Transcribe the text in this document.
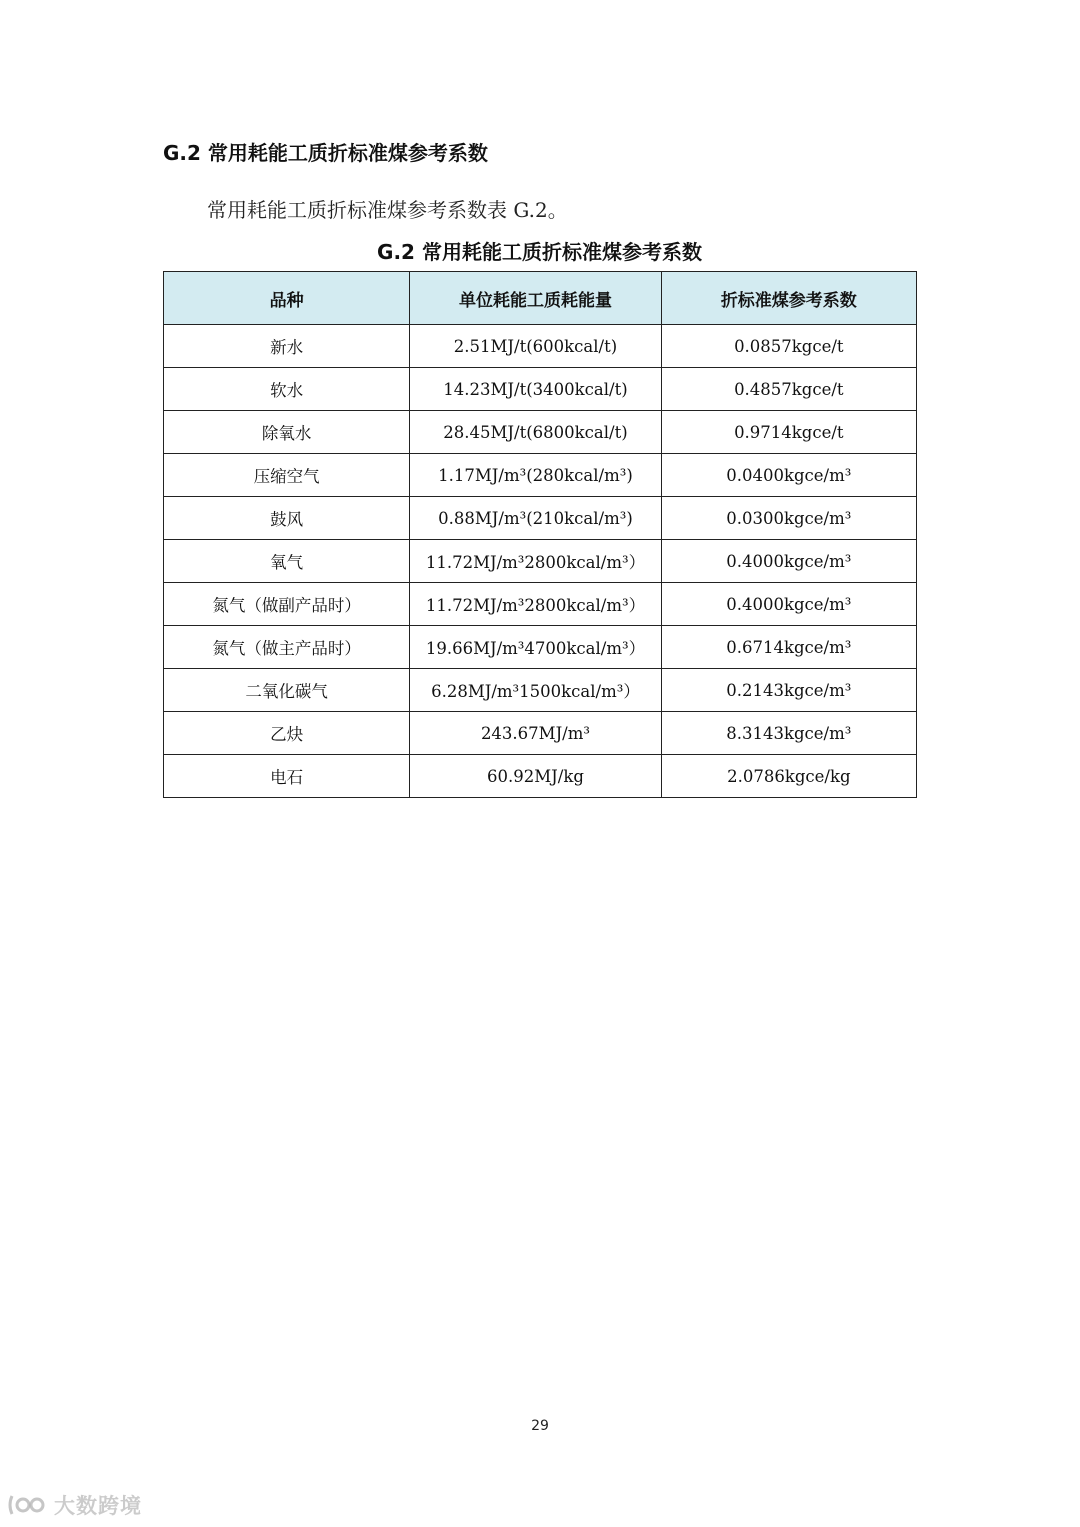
G.2 常用耗能工质折标准煤参考系数
常用耗能工质折标准煤参考系数表 G.2。
G.2 常用耗能工质折标准煤参考系数
品种	单位耗能工质耗能量	折标准煤参考系数
新水	2.51MJ/t(600kcal/t)	0.0857kgce/t
软水	14.23MJ/t(3400kcal/t)	0.4857kgce/t
除氧水	28.45MJ/t(6800kcal/t)	0.9714kgce/t
压缩空气	1.17MJ/m³(280kcal/m³)	0.0400kgce/m³
鼓风	0.88MJ/m³(210kcal/m³)	0.0300kgce/m³
氧气	11.72MJ/m³2800kcal/m³）	0.4000kgce/m³
氮气（做副产品时）	11.72MJ/m³2800kcal/m³）	0.4000kgce/m³
氮气（做主产品时）	19.66MJ/m³4700kcal/m³）	0.6714kgce/m³
二氧化碳气	6.28MJ/m³1500kcal/m³）	0.2143kgce/m³
乙炔	243.67MJ/m³	8.3143kgce/m³
电石	60.92MJ/kg	2.0786kgce/kg
29
大数跨境
